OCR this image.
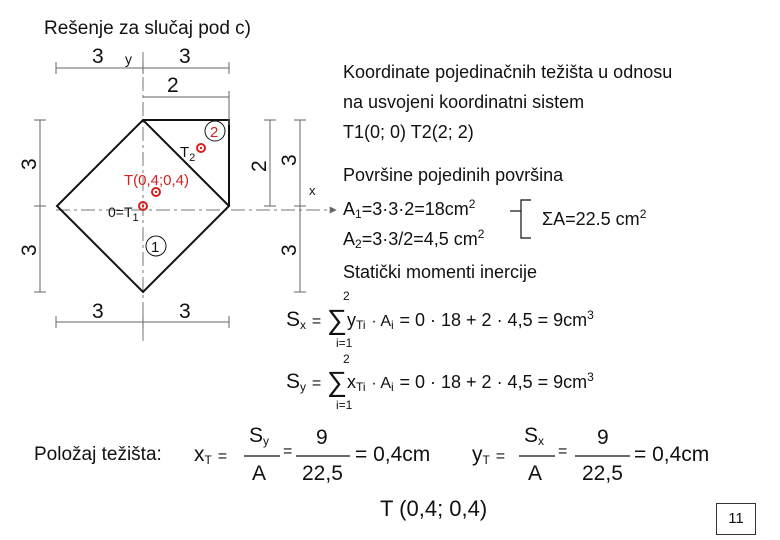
Rešenje za slučaj pod c)
y
x
3	3
2
3	3
3
3
2
3
3
$T_2$
2
T(0,4;0,4)
$0=T_1$
1
Koordinate pojedinačnih težišta u odnosu
na usvojeni koordinatni sistem
T1(0; 0) T2(2; 2)
Površine pojedinih površina
$A_1=3\cdot 3\cdot 2=18cm^2$
$A_2=3\cdot 3/2=4,5$ $cm^2$
ΣA=22.5 $cm^2$
Statički momenti inercije
2
i=1
$S_x = \sum y_{Ti} \cdot A_i = 0 \cdot 18 + 2 \cdot 4,5 = 9cm^3$
2
i=1
$S_y = \sum x_{Ti} \cdot A_i = 0 \cdot 18 + 2 \cdot 4,5 = 9cm^3$
Položaj težišta: $x_T$ =
$S_y$
A
=
9
22,5
= 0,4cm $y_T$ =
$S_x$
A
=
9
22,5
= 0,4cm
T (0,4; 0,4)	11
